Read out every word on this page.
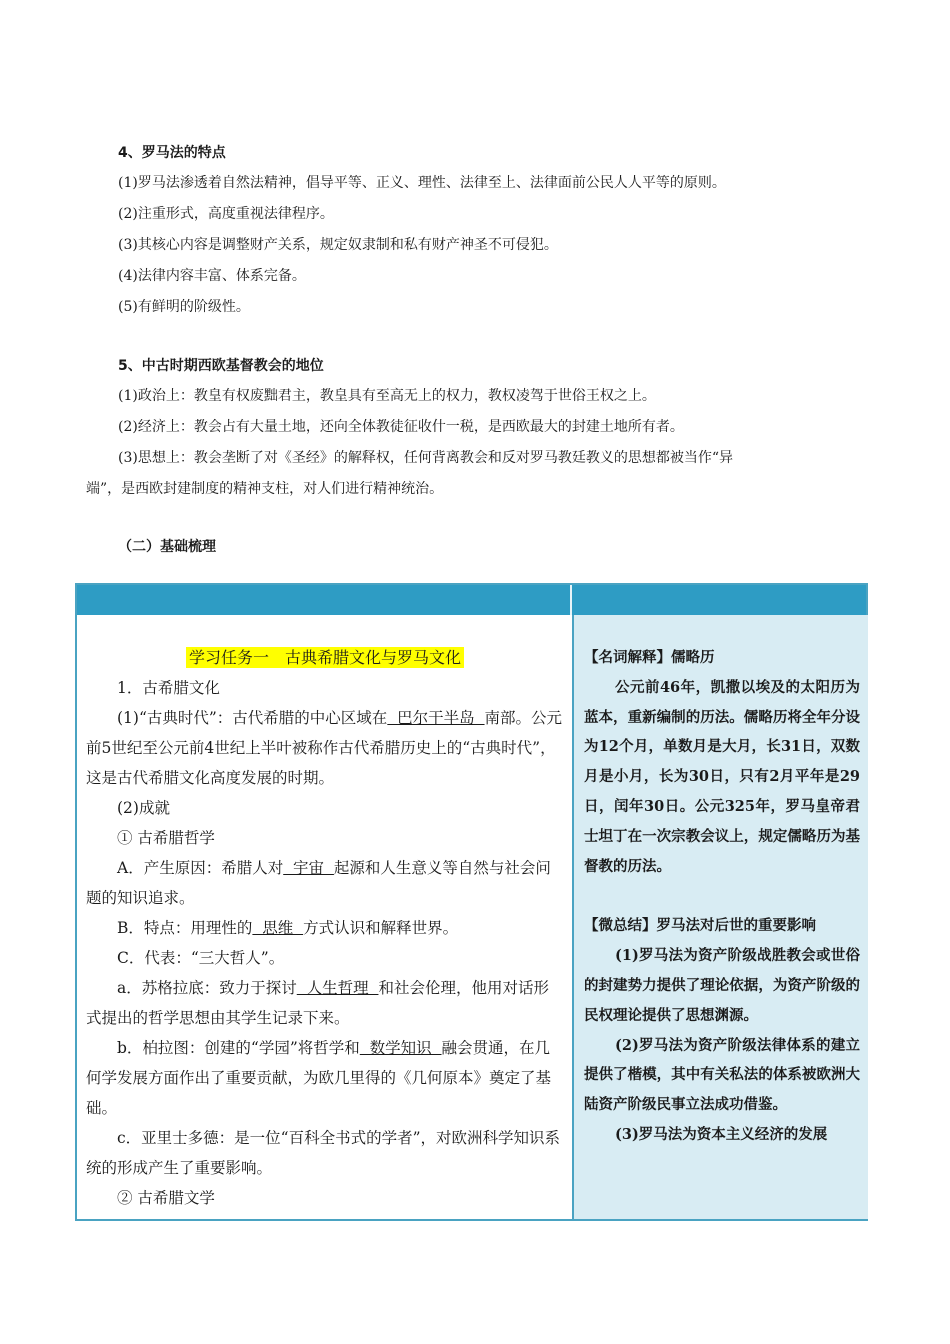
4、罗马法的特点
(1)罗马法渗透着自然法精神，倡导平等、正义、理性、法律至上、法律面前公民人人平等的原则。
(2)注重形式，高度重视法律程序。
(3)其核心内容是调整财产关系，规定奴隶制和私有财产神圣不可侵犯。
(4)法律内容丰富、体系完备。
(5)有鲜明的阶级性。
5、中古时期西欧基督教会的地位
(1)政治上：教皇有权废黜君主，教皇具有至高无上的权力，教权凌驾于世俗王权之上。
(2)经济上：教会占有大量土地，还向全体教徒征收什一税，是西欧最大的封建土地所有者。
(3)思想上：教会垄断了对《圣经》的解释权，任何背离教会和反对罗马教廷教义的思想都被当作“异
端”，是西欧封建制度的精神支柱，对人们进行精神统治。
（二）基础梳理
学习任务一　古典希腊文化与罗马文化

1．古希腊文化

(1)“古典时代”：古代希腊的中心区域在  巴尔干半岛  南部。公元前5世纪至公元前4世纪上半叶被称作古代希腊历史上的“古典时代”，这是古代希腊文化高度发展的时期。

(2)成就

① 古希腊哲学

A．产生原因：希腊人对  宇宙  起源和人生意义等自然与社会问题的知识追求。

B．特点：用理性的  思维  方式认识和解释世界。

C．代表：“三大哲人”。

a．苏格拉底：致力于探讨  人生哲理  和社会伦理，他用对话形式提出的哲学思想由其学生记录下来。

b．柏拉图：创建的“学园”将哲学和  数学知识  融会贯通，在几何学发展方面作出了重要贡献，为欧几里得的《几何原本》奠定了基础。

c．亚里士多德：是一位“百科全书式的学者”，对欧洲科学知识系统的形成产生了重要影响。

② 古希腊文学

【名词解释】儒略历

公元前46年，凯撒以埃及的太阳历为蓝本，重新编制的历法。儒略历将全年分设为12个月，单数月是大月，长31日，双数月是小月，长为30日，只有2月平年是29日，闰年30日。公元325年，罗马皇帝君士坦丁在一次宗教会议上，规定儒略历为基督教的历法。

【微总结】罗马法对后世的重要影响

(1)罗马法为资产阶级战胜教会或世俗的封建势力提供了理论依据，为资产阶级的民权理论提供了思想渊源。

(2)罗马法为资产阶级法律体系的建立提供了楷模，其中有关私法的体系被欧洲大陆资产阶级民事立法成功借鉴。

(3)罗马法为资本主义经济的发展
